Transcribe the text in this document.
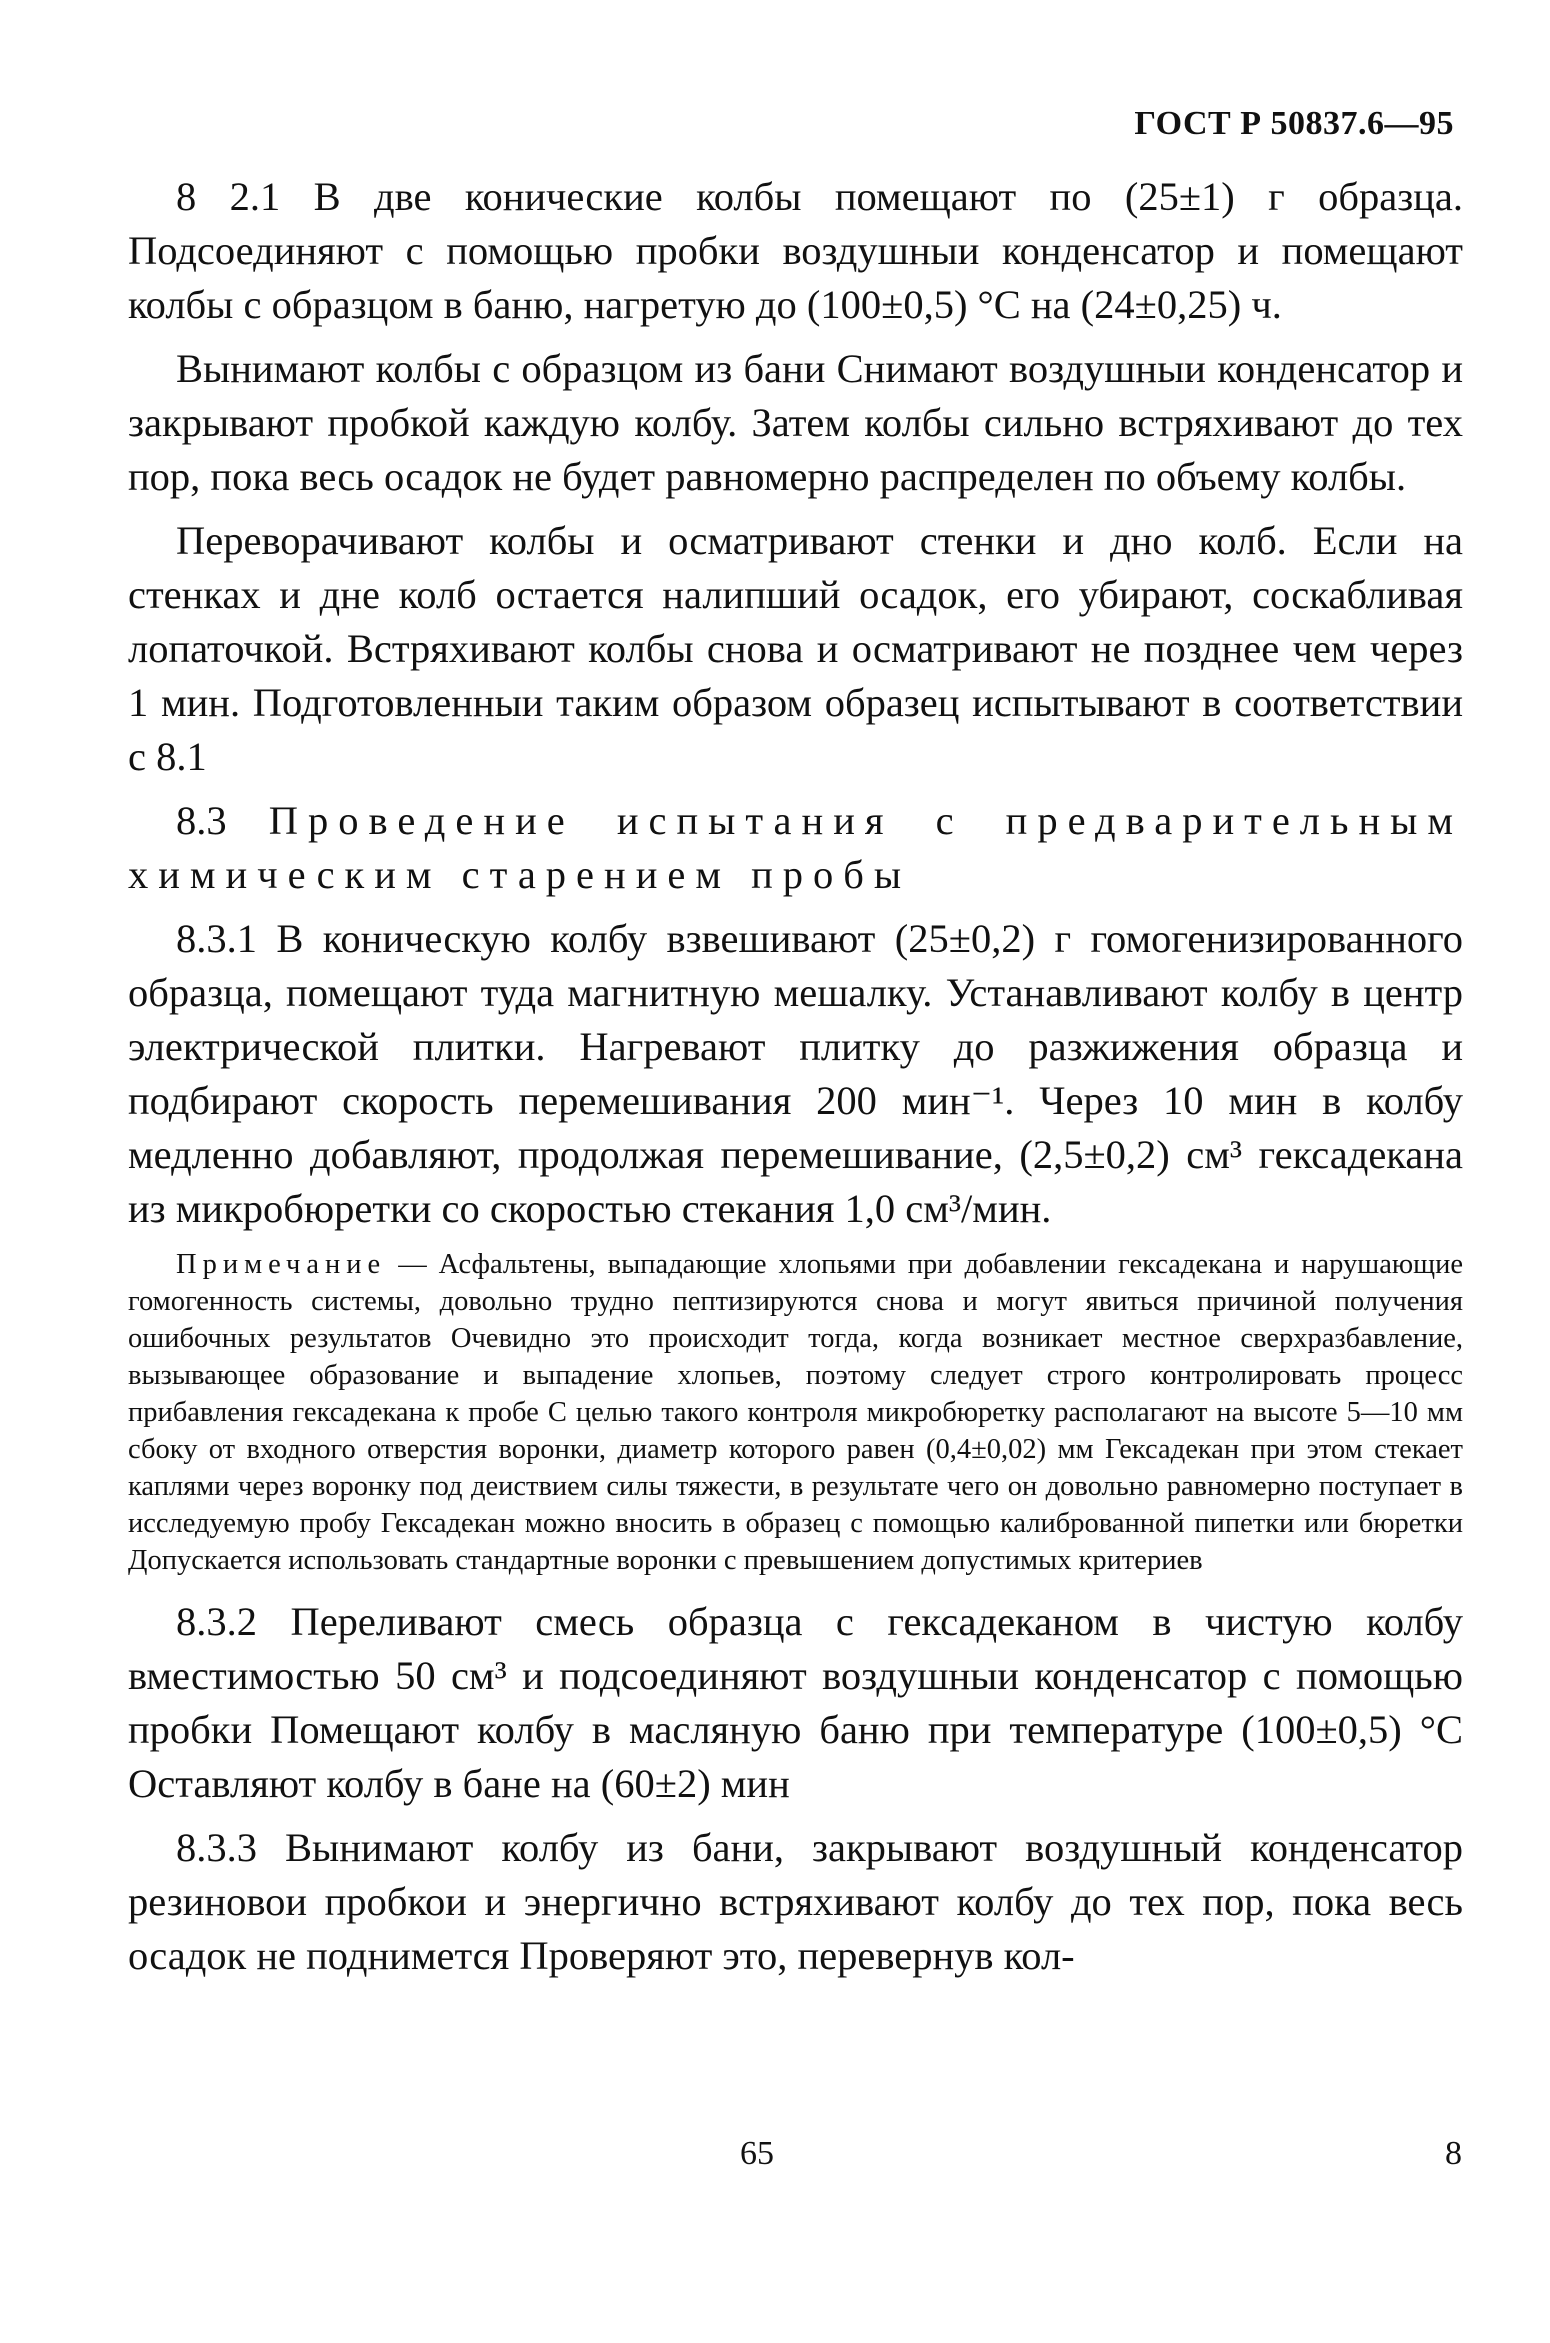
ГОСТ Р 50837.6—95

8 2.1 В две конические колбы помещают по (25±1) г образца. Подсоединяют с помощью пробки воздушныи конденсатор и помещают колбы с образцом в баню, нагретую до (100±0,5) °С на (24±0,25) ч.

Вынимают колбы с образцом из бани Снимают воздушныи конденсатор и закрывают пробкой каждую колбу. Затем колбы сильно встряхивают до тех пор, пока весь осадок не будет равномерно распределен по объему колбы.

Переворачивают колбы и осматривают стенки и дно колб. Если на стенках и дне колб остается налипший осадок, его убирают, соскабливая лопаточкой. Встряхивают колбы снова и осматривают не позднее чем через 1 мин. Подготовленныи таким образом образец испытывают в соответствии с 8.1

8.3 Проведение испытания с предварительным химическим старением пробы

8.3.1 В коническую колбу взвешивают (25±0,2) г гомогенизированного образца, помещают туда магнитную мешалку. Устанавливают колбу в центр электрической плитки. Нагревают плитку до разжижения образца и подбирают скорость перемешивания 200 мин⁻¹. Через 10 мин в колбу медленно добавляют, продолжая перемешивание, (2,5±0,2) см³ гексадекана из микробюретки со скоростью стекания 1,0 см³/мин.

Примечание — Асфальтены, выпадающие хлопьями при добавлении гексадекана и нарушающие гомогенность системы, довольно трудно пептизируются снова и могут явиться причиной получения ошибочных результатов Очевидно это происходит тогда, когда возникает местное сверхразбавление, вызывающее образование и выпадение хлопьев, поэтому следует строго контролировать процесс прибавления гексадекана к пробе С целью тaкого контроля микробюретку располагают на высоте 5—10 мм сбоку от входного отверстия воронки, диаметр которого равен (0,4±0,02) мм Гексадекан при этом стекает каплями через воронку под деиствием силы тяжести, в результате чего он довольно равномерно поступает в исследуемую пробу Гексадекан можно вносить в образец с помощью калиброванной пипетки или бюретки Допускается использовать стандартные воронки с превышением допустимых критериев

8.3.2 Переливают смесь образца с гексадеканом в чистую колбу вместимостью 50 см³ и подсоединяют воздушныи конденсатор с помощью пробки Помещают колбу в масляную баню при температуре (100±0,5) °С Оставляют колбу в бане на (60±2) мин

8.3.3 Вынимают колбу из бани, закрывают воздушный конденсатор резиновои пробкои и энергично встряхивают колбу до тех пор, пока весь осадок не поднимется Проверяют это, перевернув кол-

65	8
